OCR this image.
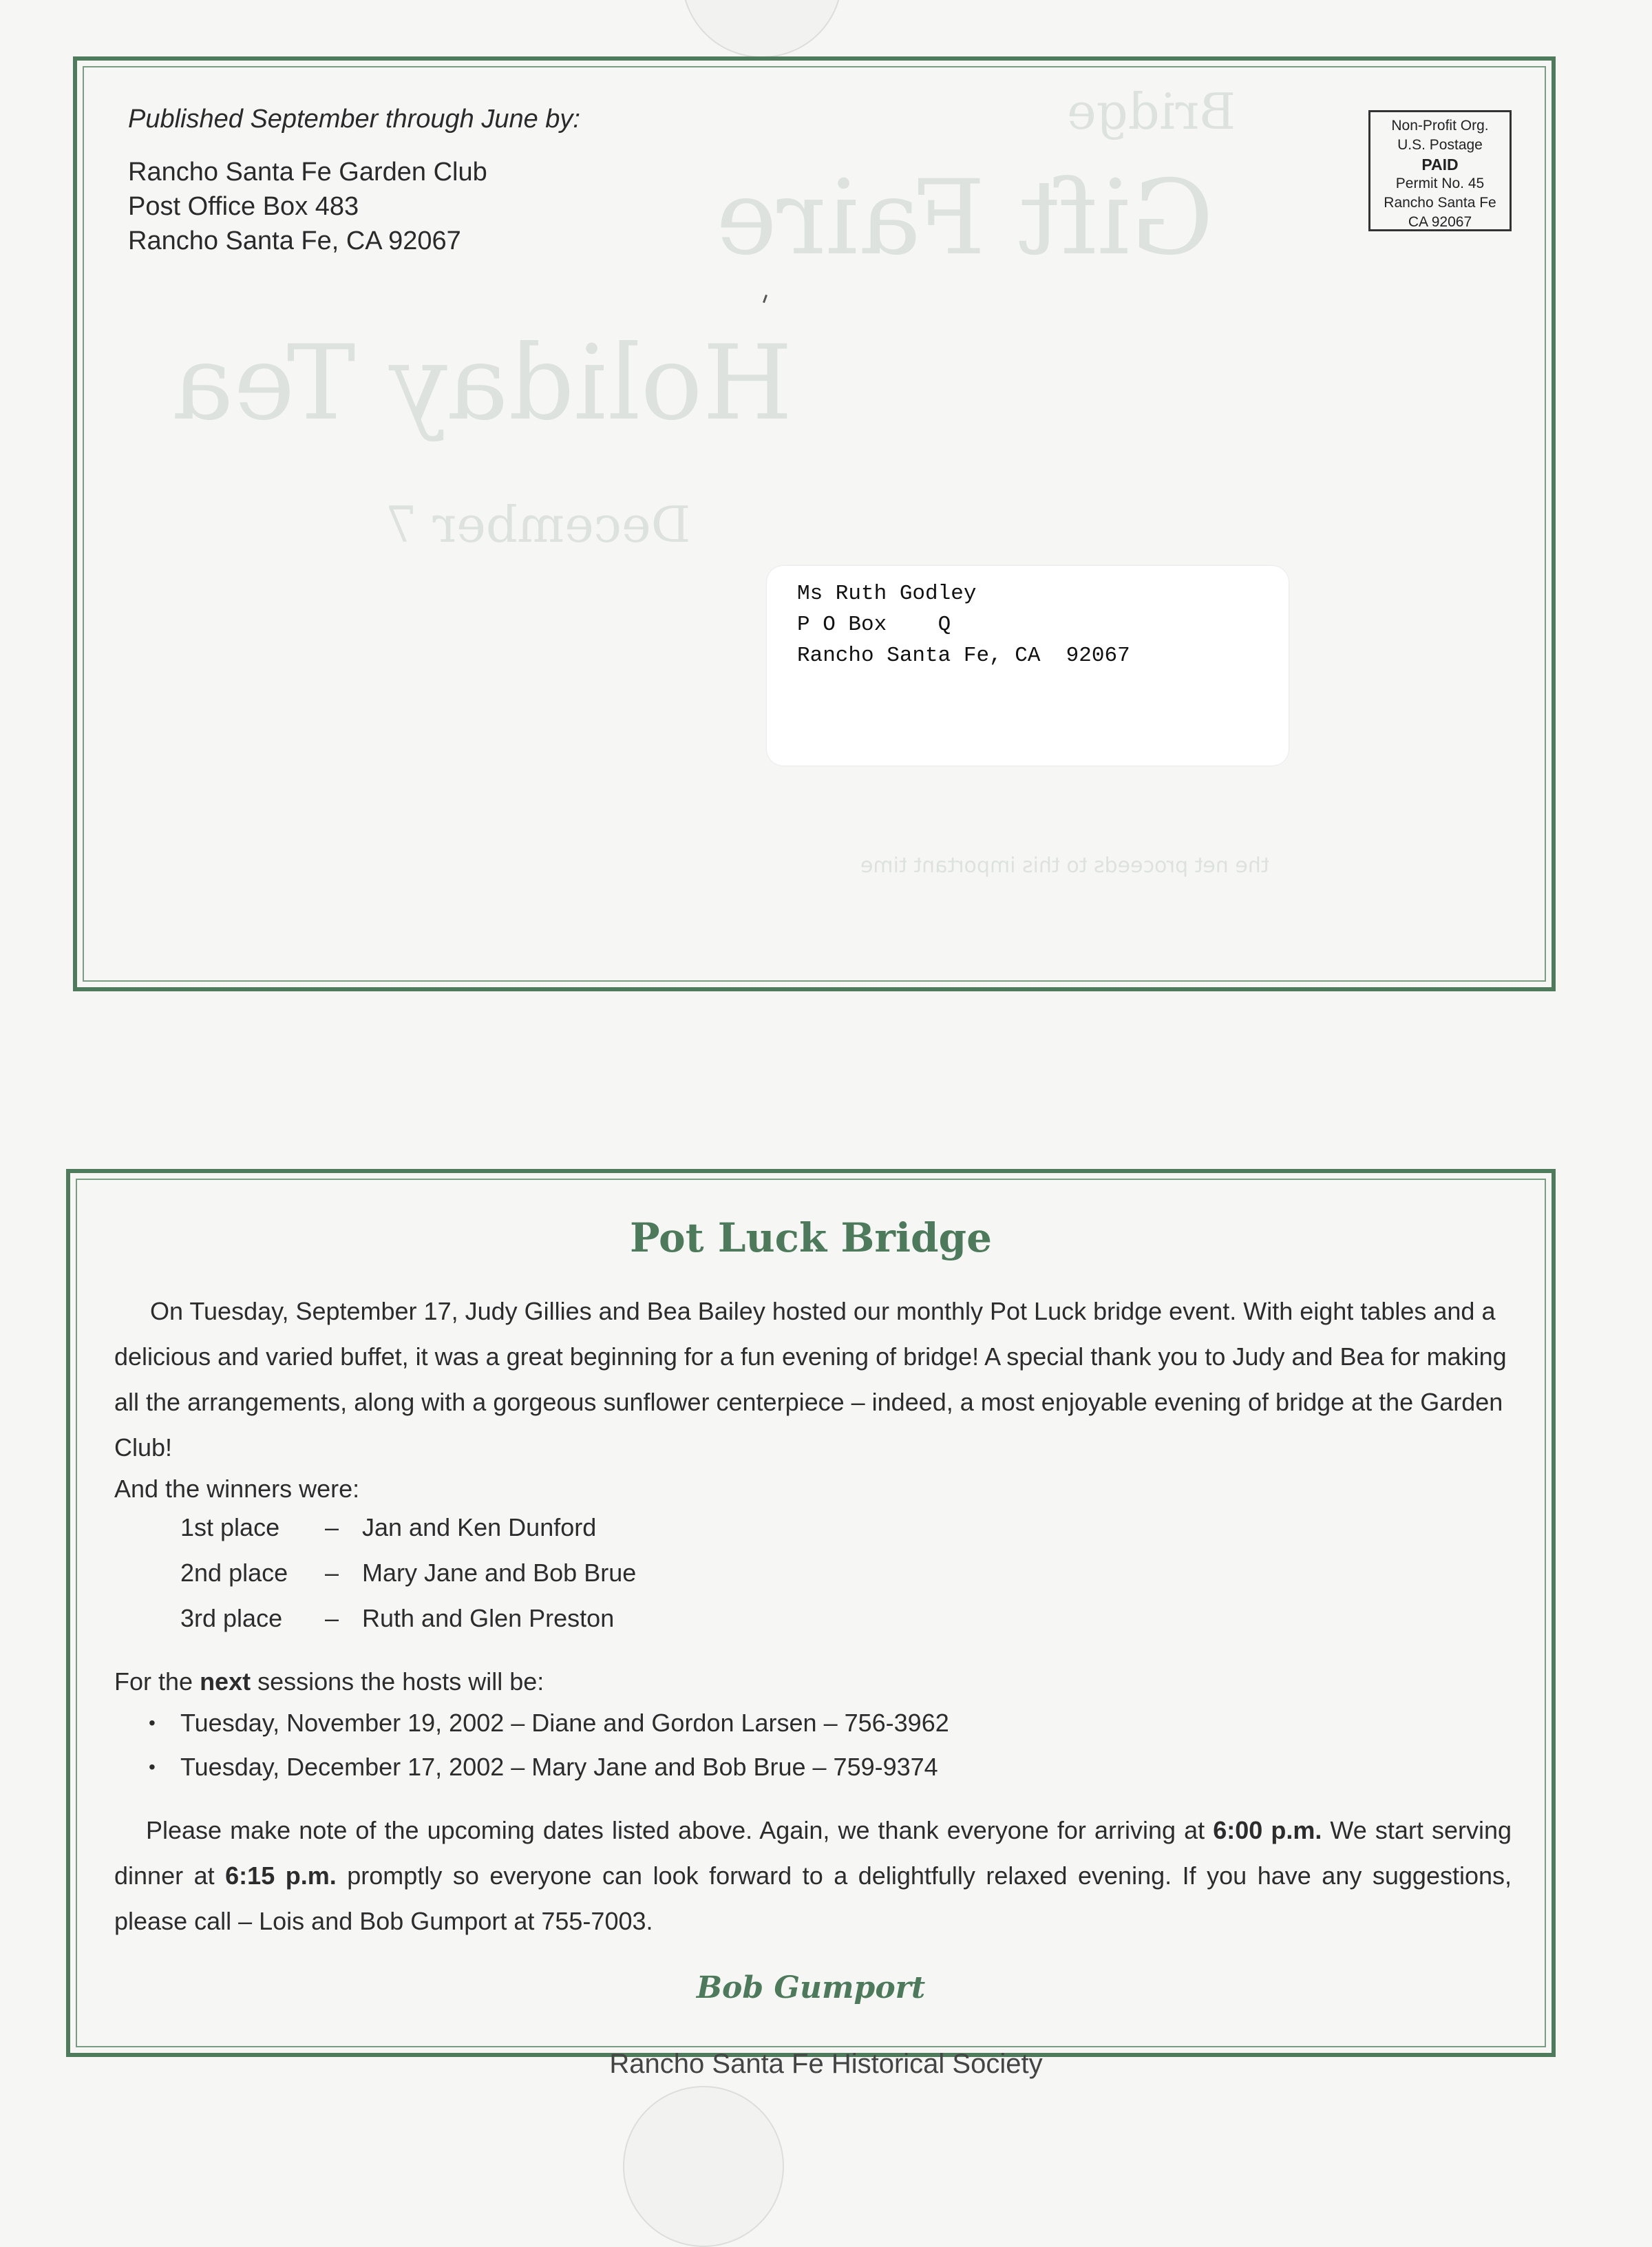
Gift Faire
Holiday Tea
December 7
the net proceeds to this important time
Bridge
Published September through June by:
Rancho Santa Fe Garden Club
Post Office Box 483
Rancho Santa Fe, CA 92067
Non-Profit Org.
U.S. Postage
PAID
Permit No. 45
Rancho Santa Fe
CA 92067
Ms Ruth Godley
P O Box    Q
Rancho Santa Fe, CA  92067
Pot Luck Bridge
On Tuesday, September 17, Judy Gillies and Bea Bailey hosted our monthly Pot Luck bridge event. With eight tables and a delicious and varied buffet, it was a great beginning for a fun evening of bridge! A special thank you to Judy and Bea for making all the arrangements, along with a gorgeous sunflower centerpiece – indeed, a most enjoyable evening of bridge at the Garden Club!
And the winners were:
1st place – Jan and Ken Dunford
2nd place – Mary Jane and Bob Brue
3rd place – Ruth and Glen Preston
For the next sessions the hosts will be:
• Tuesday, November 19, 2002 – Diane and Gordon Larsen – 756-3962
• Tuesday, December 17, 2002 – Mary Jane and Bob Brue – 759-9374
Please make note of the upcoming dates listed above. Again, we thank everyone for arriving at 6:00 p.m. We start serving dinner at 6:15 p.m. promptly so everyone can look forward to a delightfully relaxed evening. If you have any suggestions, please call – Lois and Bob Gumport at 755-7003.
Bob Gumport
Rancho Santa Fe Historical Society
